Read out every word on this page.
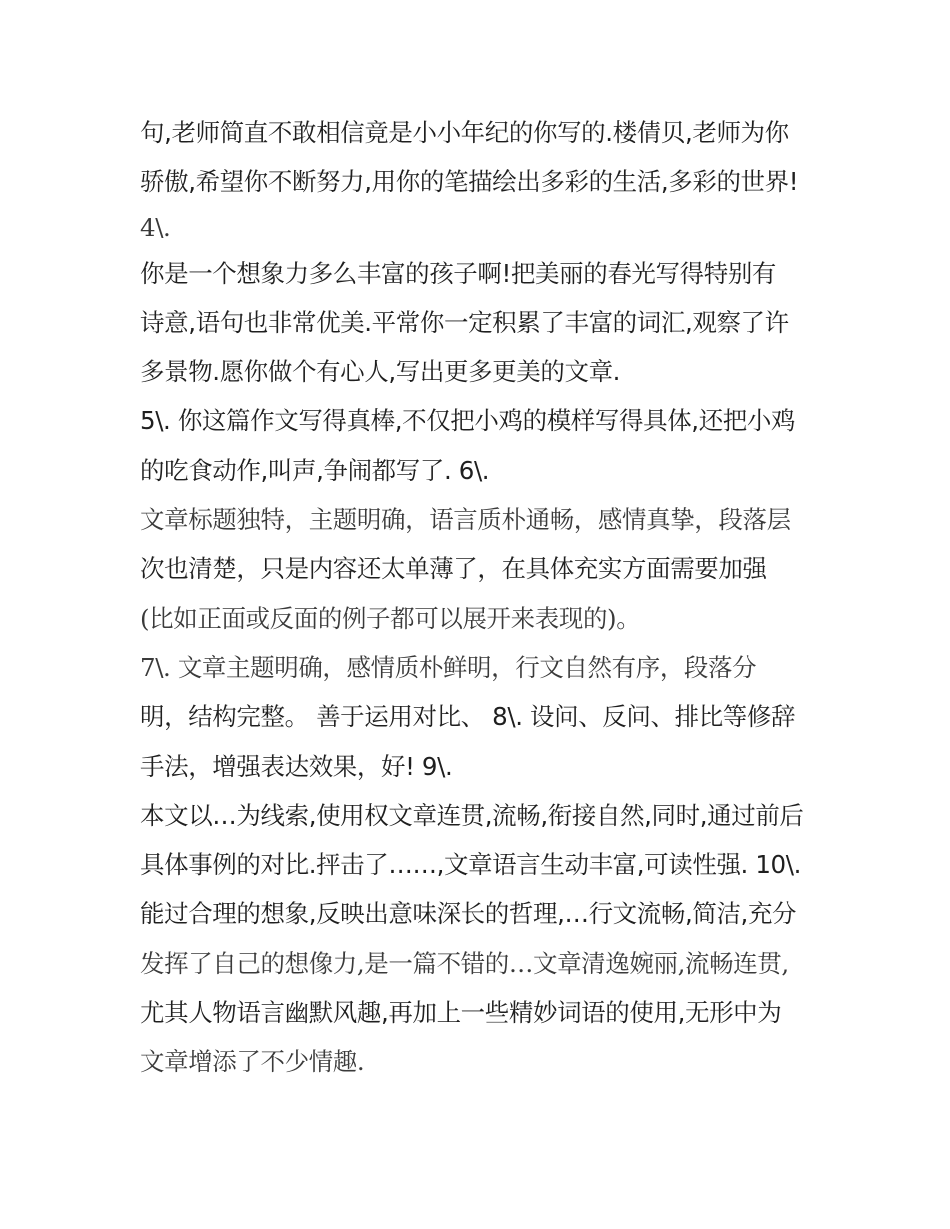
句,老师简直不敢相信竟是小小年纪的你写的.楼倩贝,老师为你
骄傲,希望你不断努力,用你的笔描绘出多彩的生活,多彩的世界!
4\.
你是一个想象力多么丰富的孩子啊!把美丽的春光写得特别有
诗意,语句也非常优美.平常你一定积累了丰富的词汇,观察了许
多景物.愿你做个有心人,写出更多更美的文章.
5\. 你这篇作文写得真棒,不仅把小鸡的模样写得具体,还把小鸡
的吃食动作,叫声,争闹都写了. 6\.
文章标题独特，主题明确，语言质朴通畅，感情真挚，段落层
次也清楚，只是内容还太单薄了，在具体充实方面需要加强
(比如正面或反面的例子都可以展开来表现的)。
7\. 文章主题明确，感情质朴鲜明，行文自然有序，段落分
明，结构完整。 善于运用对比、 8\. 设问、反问、排比等修辞
手法，增强表达效果，好! 9\.
本文以…为线索,使用权文章连贯,流畅,衔接自然,同时,通过前后
具体事例的对比.抨击了……,文章语言生动丰富,可读性强. 10\.
能过合理的想象,反映出意味深长的哲理,…行文流畅,简洁,充分
发挥了自己的想像力,是一篇不错的…文章清逸婉丽,流畅连贯,
尤其人物语言幽默风趣,再加上一些精妙词语的使用,无形中为
文章增添了不少情趣.
